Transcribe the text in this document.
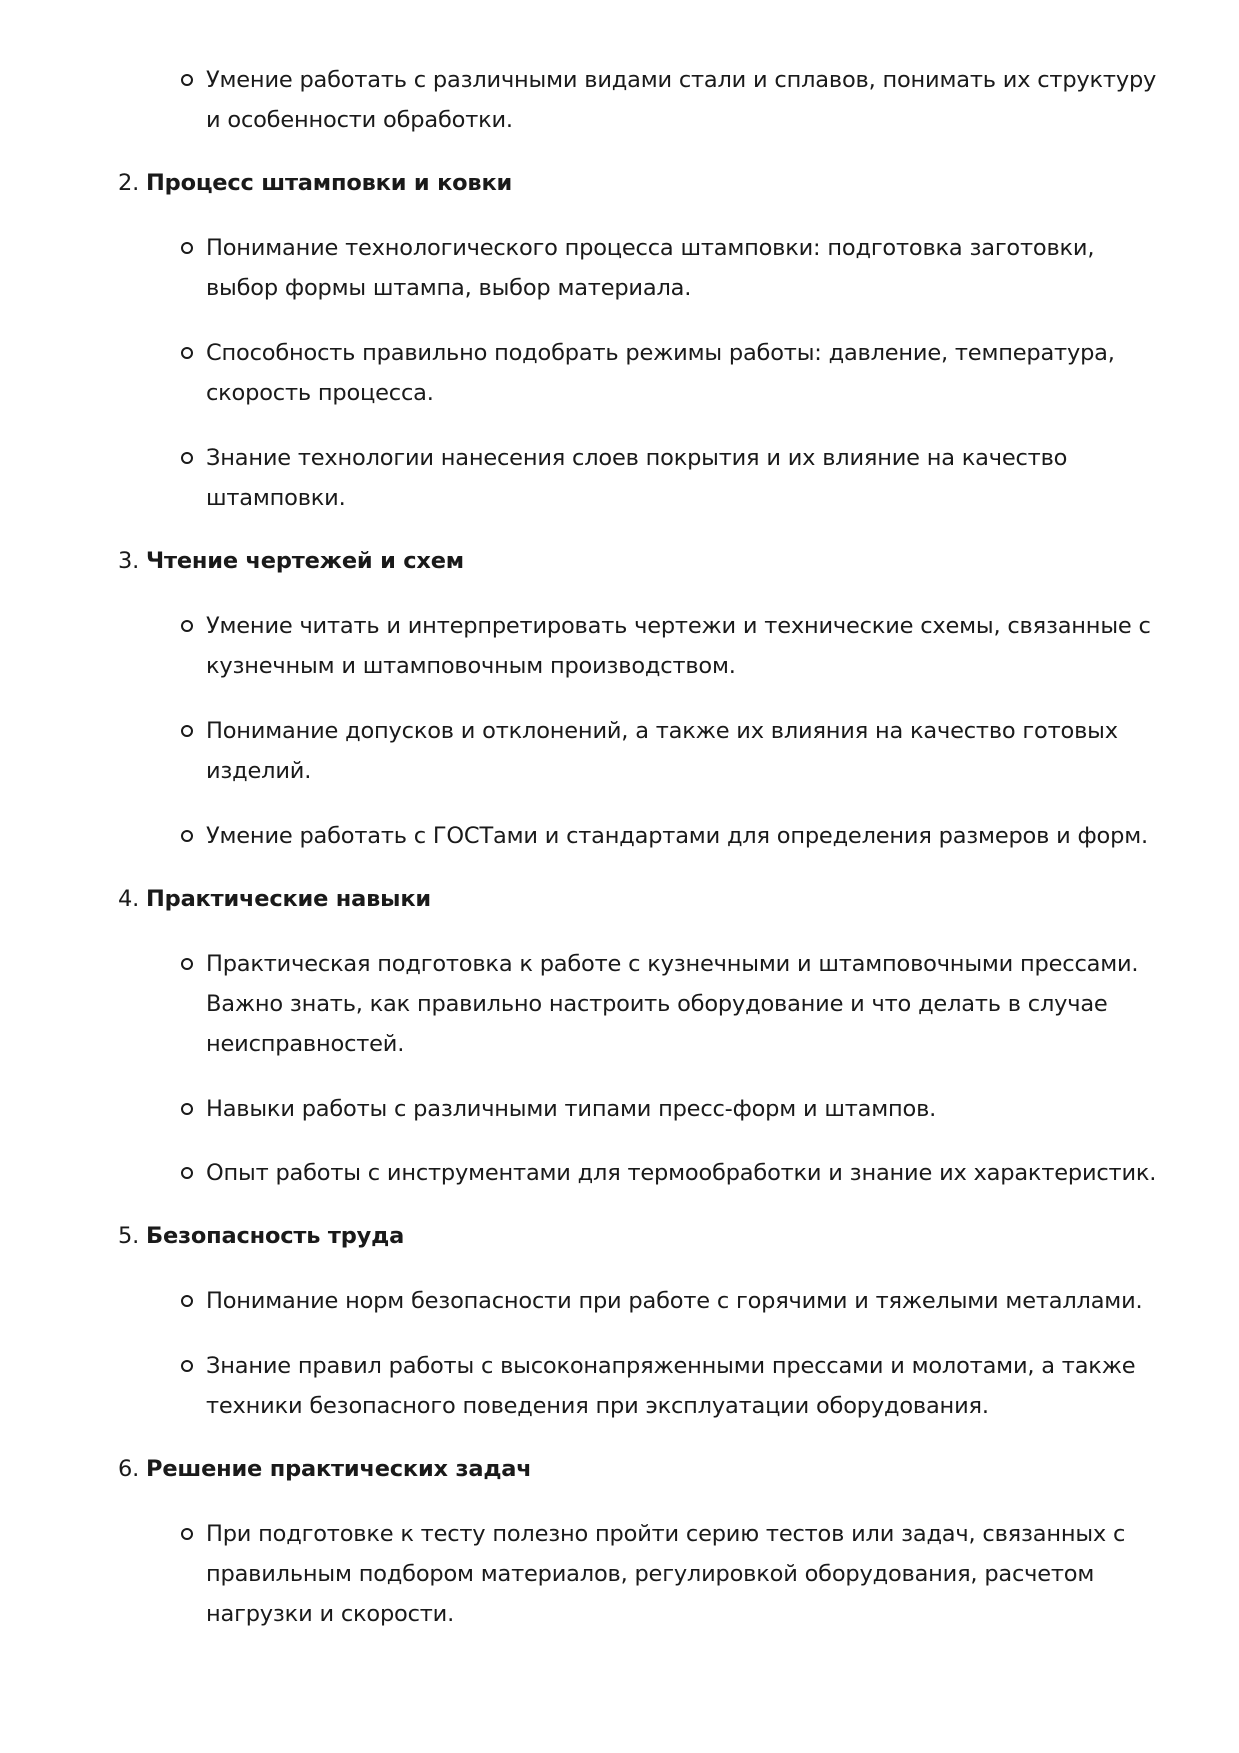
Умение работать с различными видами стали и сплавов, понимать их структуру и особенности обработки.
2. Процесс штамповки и ковки
Понимание технологического процесса штамповки: подготовка заготовки, выбор формы штампа, выбор материала.
Способность правильно подобрать режимы работы: давление, температура, скорость процесса.
Знание технологии нанесения слоев покрытия и их влияние на качество штамповки.
3. Чтение чертежей и схем
Умение читать и интерпретировать чертежи и технические схемы, связанные с кузнечным и штамповочным производством.
Понимание допусков и отклонений, а также их влияния на качество готовых изделий.
Умение работать с ГОСТами и стандартами для определения размеров и форм.
4. Практические навыки
Практическая подготовка к работе с кузнечными и штамповочными прессами. Важно знать, как правильно настроить оборудование и что делать в случае неисправностей.
Навыки работы с различными типами пресс-форм и штампов.
Опыт работы с инструментами для термообработки и знание их характеристик.
5. Безопасность труда
Понимание норм безопасности при работе с горячими и тяжелыми металлами.
Знание правил работы с высоконапряженными прессами и молотами, а также техники безопасного поведения при эксплуатации оборудования.
6. Решение практических задач
При подготовке к тесту полезно пройти серию тестов или задач, связанных с правильным подбором материалов, регулировкой оборудования, расчетом нагрузки и скорости.
